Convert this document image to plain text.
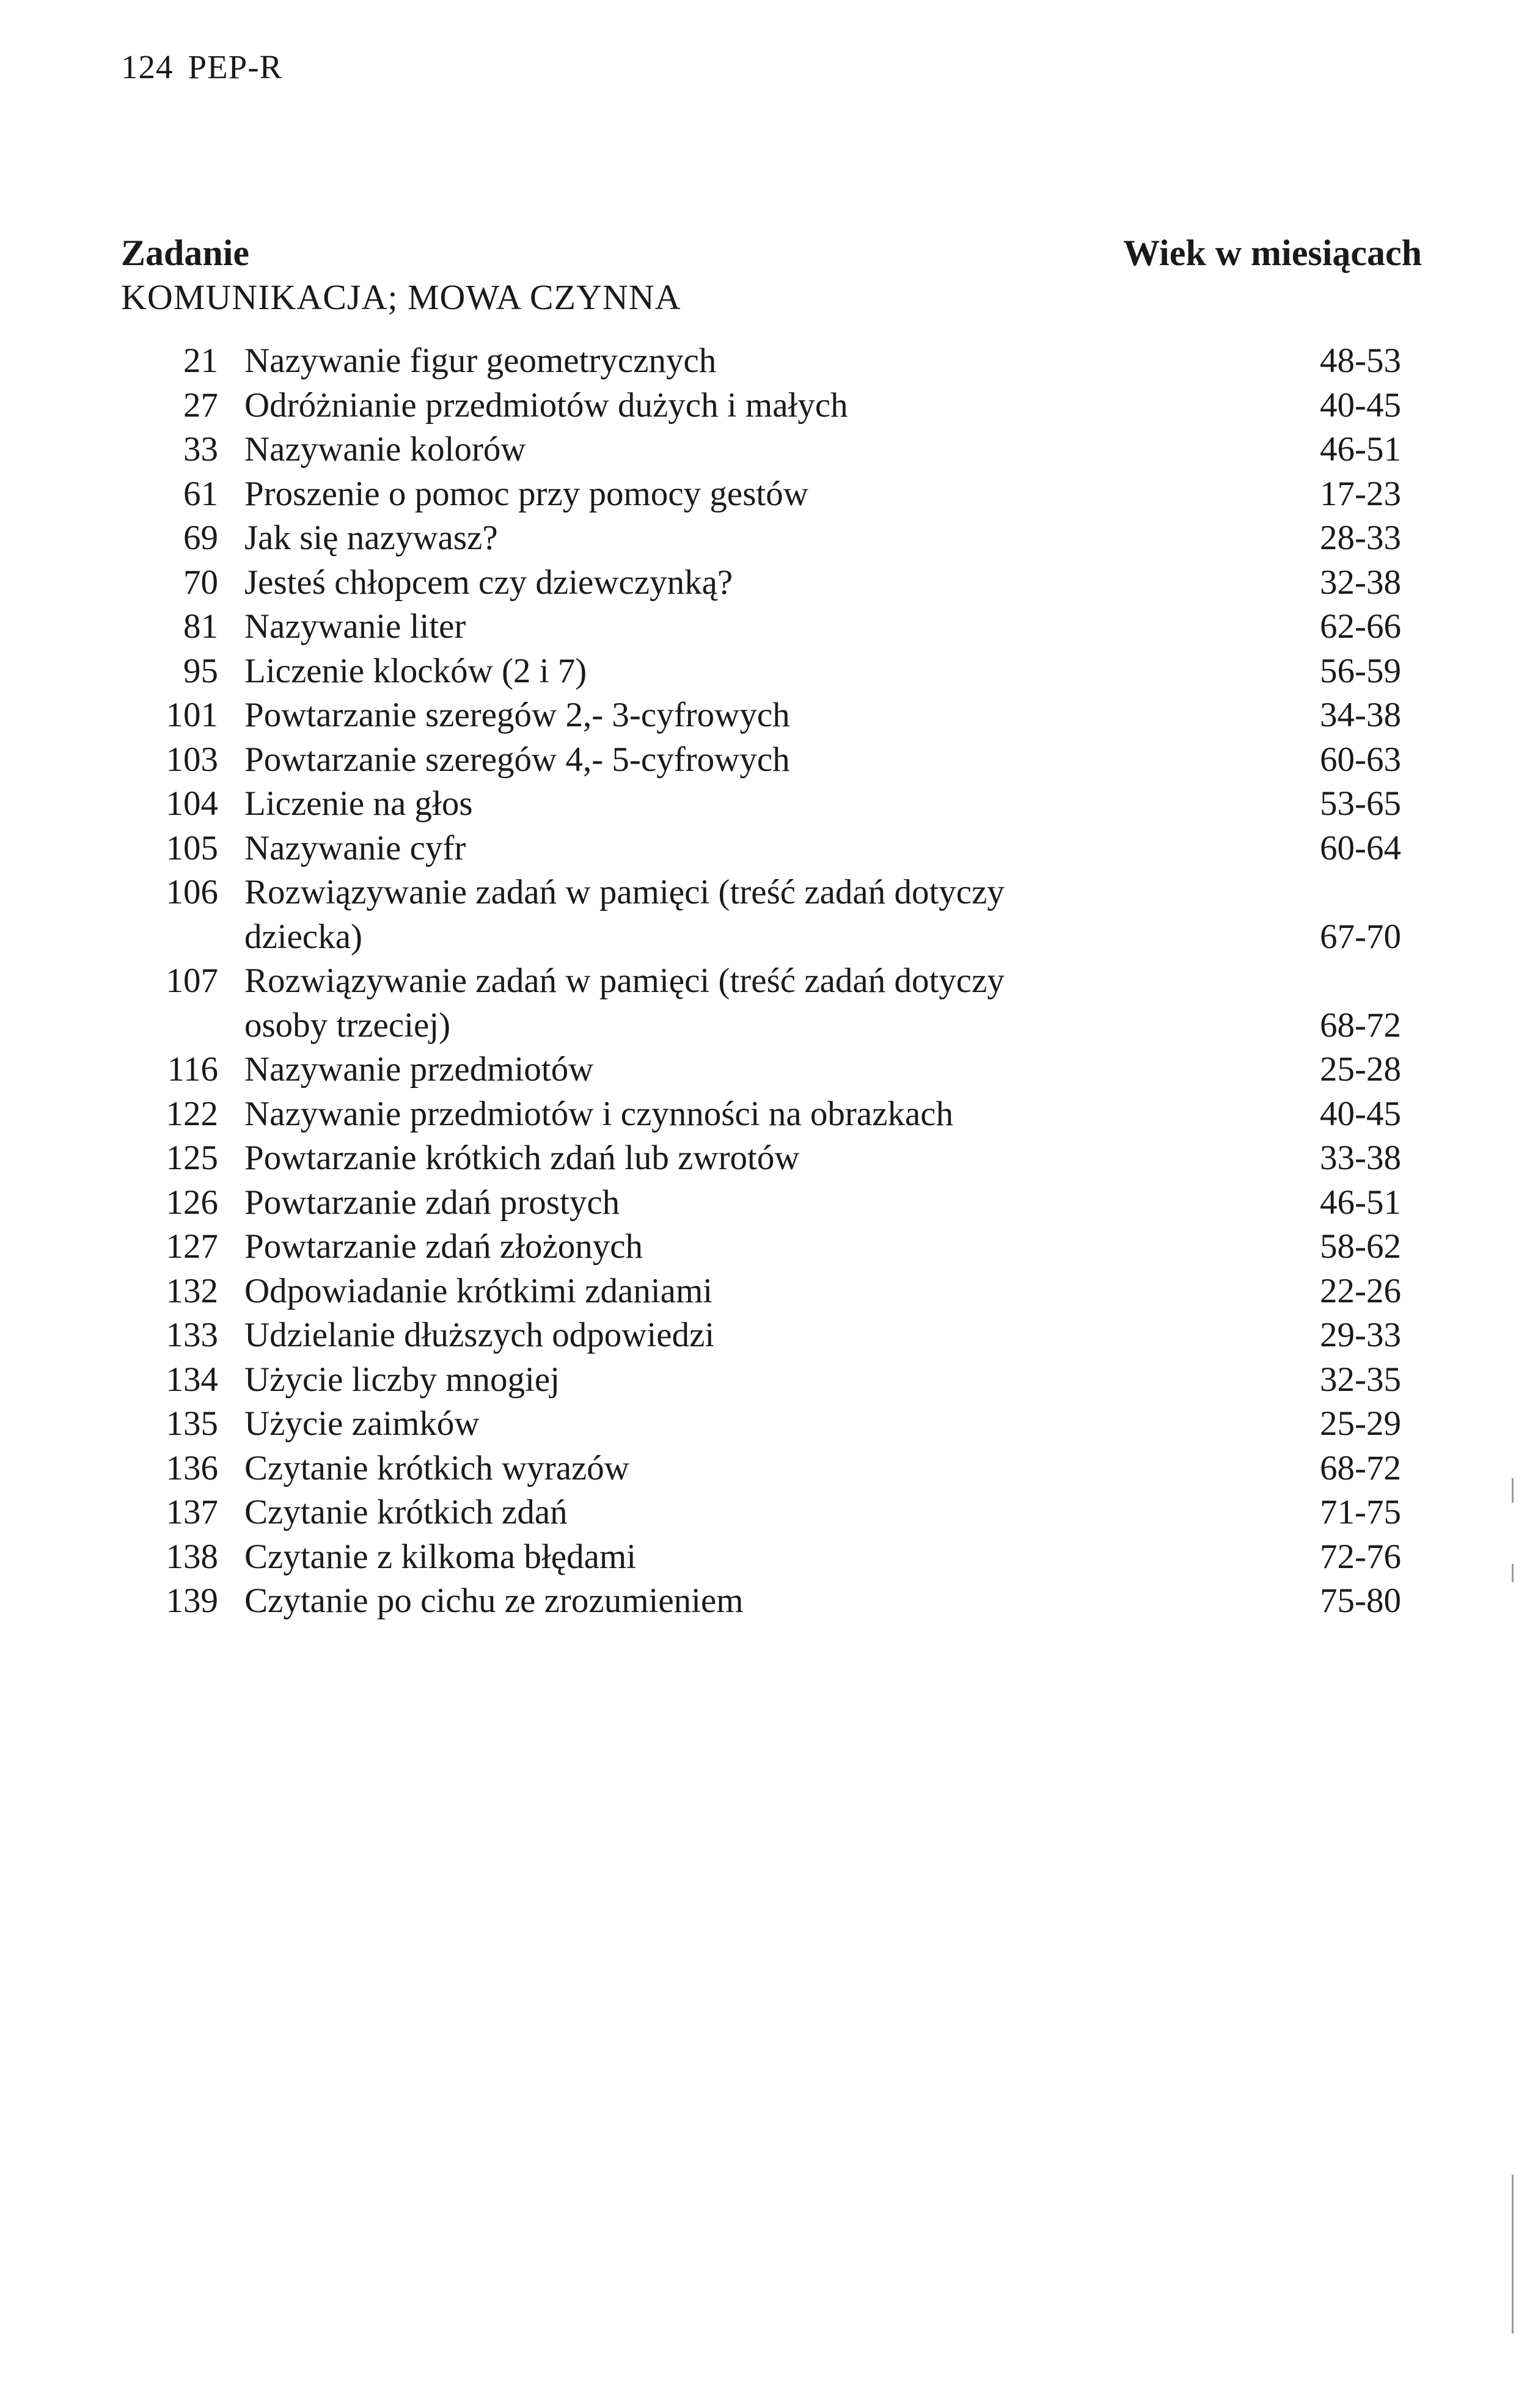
124 PEP-R
Zadanie	Wiek w miesiącach
KOMUNIKACJA; MOWA CZYNNA
21 Nazywanie figur geometrycznych	48-53
27 Odróżnianie przedmiotów dużych i małych	40-45
33 Nazywanie kolorów	46-51
61 Proszenie o pomoc przy pomocy gestów	17-23
69 Jak się nazywasz?	28-33
70 Jesteś chłopcem czy dziewczynką?	32-38
81 Nazywanie liter	62-66
95 Liczenie klocków (2 i 7)	56-59
101 Powtarzanie szeregów 2,- 3-cyfrowych	34-38
103 Powtarzanie szeregów 4,- 5-cyfrowych	60-63
104 Liczenie na głos	53-65
105 Nazywanie cyfr	60-64
106 Rozwiązywanie zadań w pamięci (treść zadań dotyczy
dziecka)	67-70
107 Rozwiązywanie zadań w pamięci (treść zadań dotyczy
osoby trzeciej)	68-72
116 Nazywanie przedmiotów	25-28
122 Nazywanie przedmiotów i czynności na obrazkach	40-45
125 Powtarzanie krótkich zdań lub zwrotów	33-38
126 Powtarzanie zdań prostych	46-51
127 Powtarzanie zdań złożonych	58-62
132 Odpowiadanie krótkimi zdaniami	22-26
133 Udzielanie dłuższych odpowiedzi	29-33
134 Użycie liczby mnogiej	32-35
135 Użycie zaimków	25-29
136 Czytanie krótkich wyrazów	68-72
137 Czytanie krótkich zdań	71-75
138 Czytanie z kilkoma błędami	72-76
139 Czytanie po cichu ze zrozumieniem	75-80
